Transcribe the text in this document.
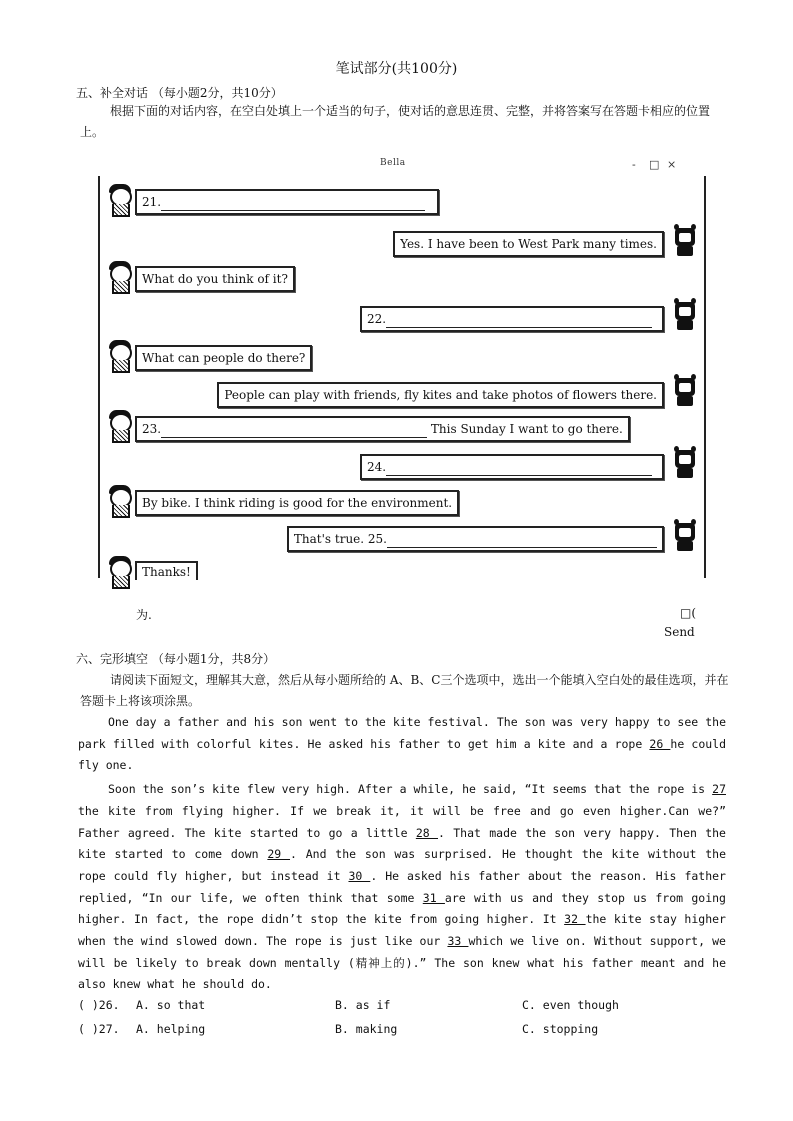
笔试部分(共100分)
五、补全对话 （每小题2分，共10分）
根据下面的对话内容，在空白处填上一个适当的句子，使对话的意思连贯、完整，并将答案写在答题卡相应的位置上。
Bella	- □ ×
21.
Yes. I have been to West Park many times.
What do you think of it?
22.
What can people do there?
People can play with friends, fly kites and take photos of flowers there.
23.	This Sunday I want to go there.
24.
By bike. I think riding is good for the environment.
That's true. 25.
Thanks!
为.	□(
Send
六、完形填空 （每小题1分，共8分）
请阅读下面短文，理解其大意，然后从每小题所给的 A、B、C三个选项中，选出一个能填入空白处的最佳选项，并在答题卡上将该项涂黑。

One day a father and his son went to the kite festival. The son was very happy to see the park filled with colorful kites. He asked his father to get him a kite and a rope 26 he could fly one.

Soon the son’s kite flew very high. After a while, he said, “It seems that the rope is 27 the kite from flying higher. If we break it, it will be free and go even higher.Can we?” Father agreed. The kite started to go a little 28 . That made the son very happy. Then the kite started to come down 29 . And the son was surprised. He thought the kite without the rope could fly higher, but instead it 30 . He asked his father about the reason. His father replied, “In our life, we often think that some 31 are with us and they stop us from going higher. In fact, the rope didn’t stop the kite from going higher. It 32 the kite stay higher when the wind slowed down. The rope is just like our 33 which we live on. Without support, we will be likely to break down mentally (精神上的).” The son knew what his father meant and he also knew what he should do.

( )26. A. so that	B. as if	C. even though
( )27. A. helping	B. making	C. stopping
